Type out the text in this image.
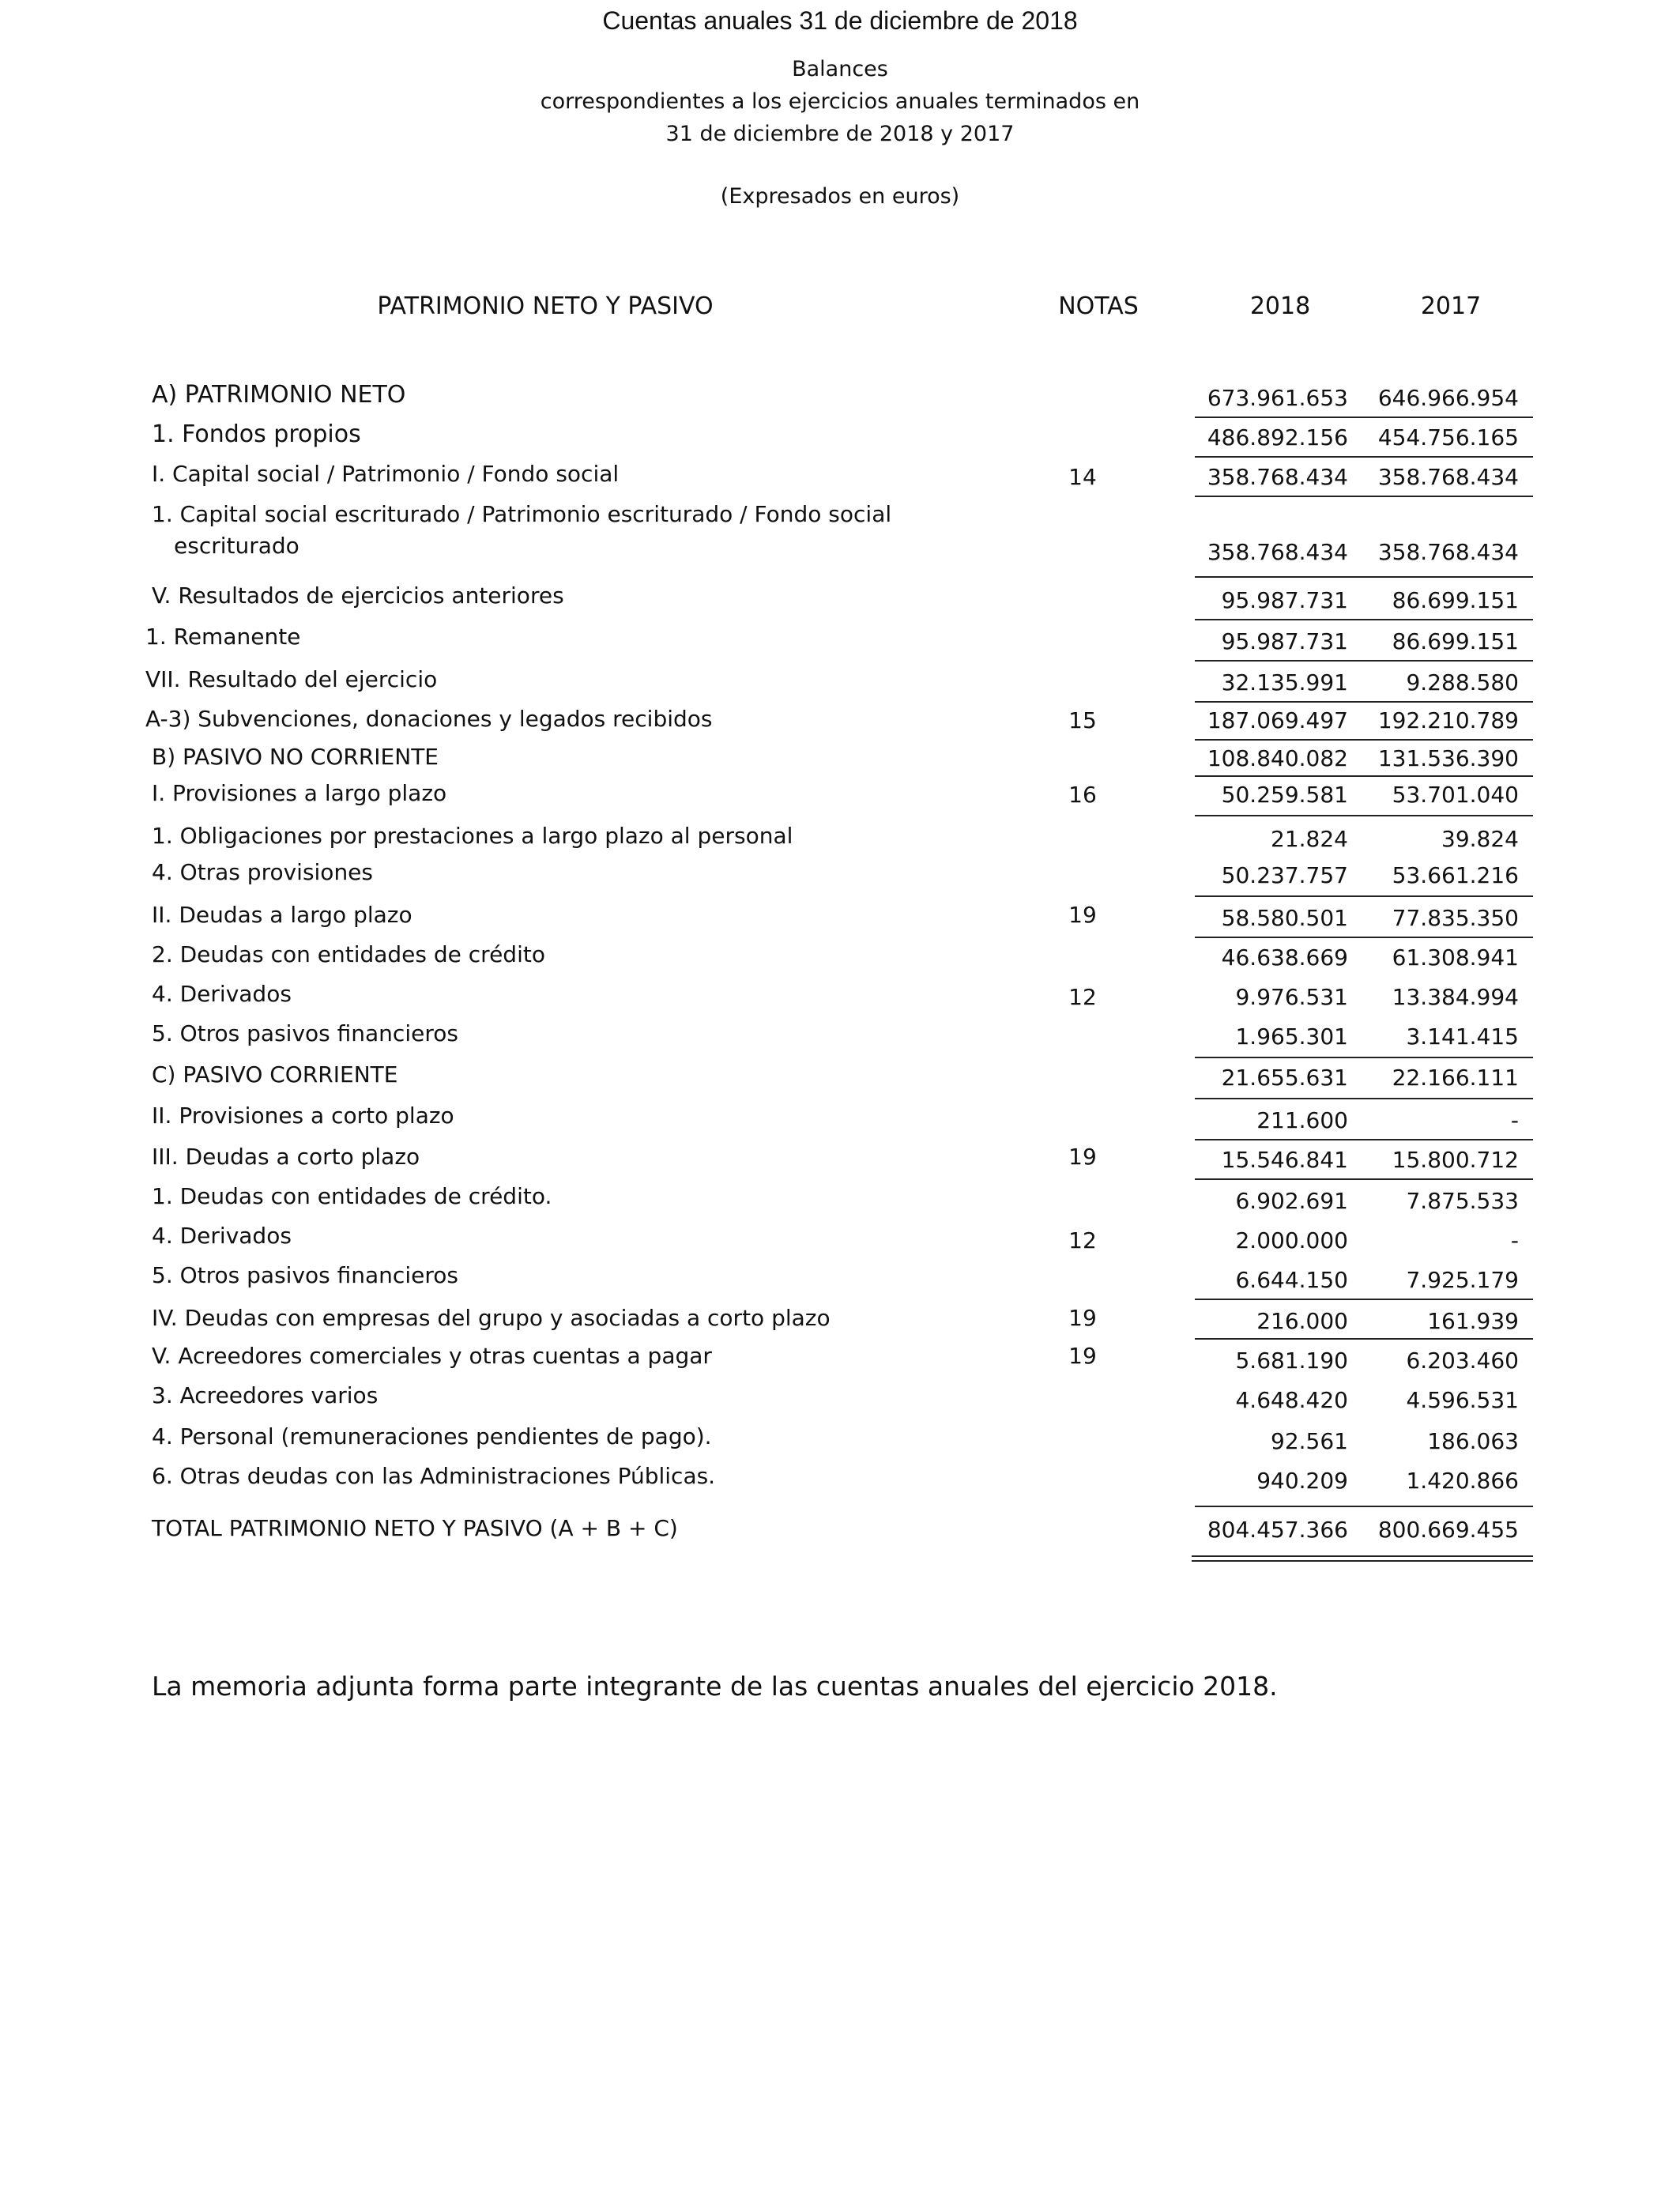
Cuentas anuales 31 de diciembre de 2018
Balances
correspondientes a los ejercicios anuales terminados en
31 de diciembre de 2018 y 2017
(Expresados en euros)
PATRIMONIO NETO Y PASIVO	NOTAS	2018	2017
A) PATRIMONIO NETO	673.961.653	646.966.954
1. Fondos propios	486.892.156	454.756.165
I. Capital social / Patrimonio / Fondo social	14	358.768.434	358.768.434
1. Capital social escriturado / Patrimonio escriturado / Fondo social
escriturado	358.768.434	358.768.434
V. Resultados de ejercicios anteriores	95.987.731	86.699.151
1. Remanente	95.987.731	86.699.151
VII. Resultado del ejercicio	32.135.991	9.288.580
A-3) Subvenciones, donaciones y legados recibidos	15	187.069.497	192.210.789
B) PASIVO NO CORRIENTE	108.840.082	131.536.390
I. Provisiones a largo plazo	16	50.259.581	53.701.040
1. Obligaciones por prestaciones a largo plazo al personal	21.824	39.824
4. Otras provisiones	50.237.757	53.661.216
II. Deudas a largo plazo	19	58.580.501	77.835.350
2. Deudas con entidades de crédito	46.638.669	61.308.941
4. Derivados	12	9.976.531	13.384.994
5. Otros pasivos financieros	1.965.301	3.141.415
C) PASIVO CORRIENTE	21.655.631	22.166.111
II. Provisiones a corto plazo	211.600	-
III. Deudas a corto plazo	19	15.546.841	15.800.712
1. Deudas con entidades de crédito.	6.902.691	7.875.533
4. Derivados	12	2.000.000	-
5. Otros pasivos financieros	6.644.150	7.925.179
IV. Deudas con empresas del grupo y asociadas a corto plazo	19	216.000	161.939
V. Acreedores comerciales y otras cuentas a pagar	19	5.681.190	6.203.460
3. Acreedores varios	4.648.420	4.596.531
4. Personal (remuneraciones pendientes de pago).	92.561	186.063
6. Otras deudas con las Administraciones Públicas.	940.209	1.420.866
TOTAL PATRIMONIO NETO Y PASIVO (A + B + C)	804.457.366	800.669.455
La memoria adjunta forma parte integrante de las cuentas anuales del ejercicio 2018.
